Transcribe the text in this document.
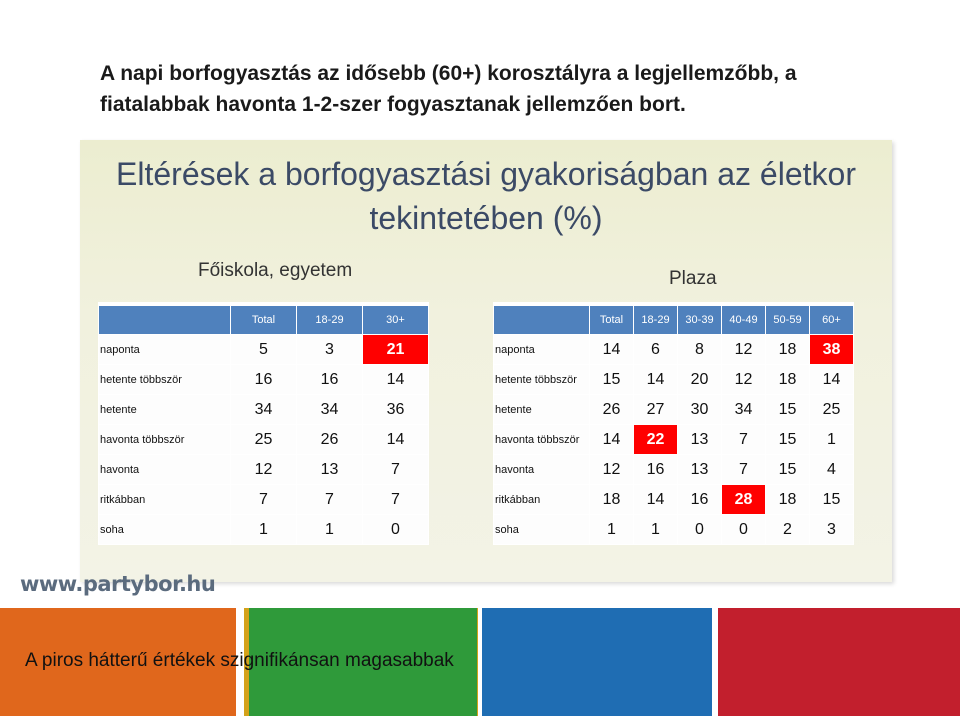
A napi borfogyasztás az idősebb (60+) korosztályra a legjellemzőbb, a
fiatalabbak havonta 1-2-szer fogyasztanak jellemzően bort.
Eltérések a borfogyasztási gyakoriságban az életkor
tekintetében (%)
Főiskola, egyetem	Plaza
	Total	18-29	30+
naponta	5	3	21
hetente többször	16	16	14
hetente	34	34	36
havonta többször	25	26	14
havonta	12	13	7
ritkábban	7	7	7
soha	1	1	0
	Total	18-29	30-39	40-49	50-59	60+
naponta	14	6	8	12	18	38
hetente többször	15	14	20	12	18	14
hetente	26	27	30	34	15	25
havonta többször	14	22	13	7	15	1
havonta	12	16	13	7	15	4
ritkábban	18	14	16	28	18	15
soha	1	1	0	0	2	3
www.partybor.hu
A piros hátterű értékek szignifikánsan magasabbak
